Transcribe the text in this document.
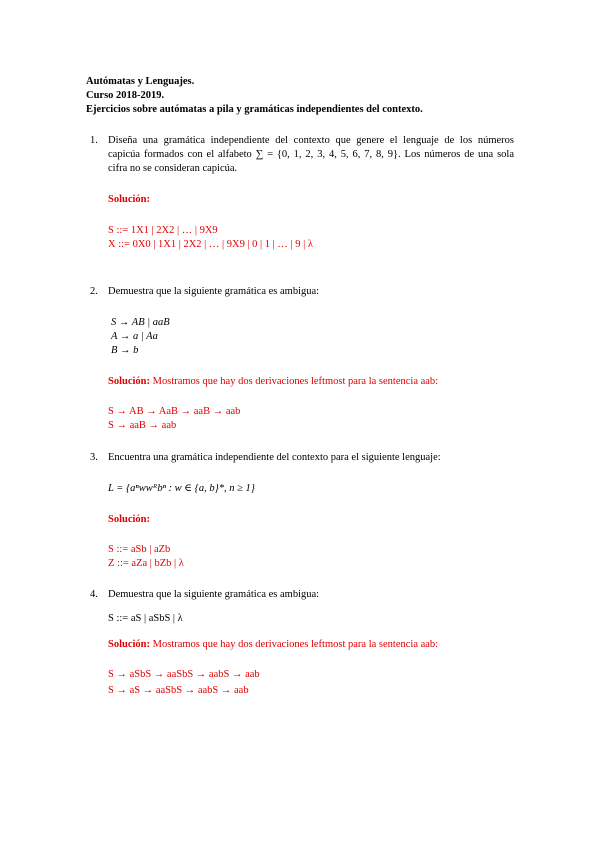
Autómatas y Lenguajes.
Curso 2018-2019.
Ejercicios sobre autómatas a pila y gramáticas independientes del contexto.
1. Diseña una gramática independiente del contexto que genere el lenguaje de los números
capicúa formados con el alfabeto ∑ = {0, 1, 2, 3, 4, 5, 6, 7, 8, 9}. Los números de una sola
cifra no se consideran capicúa.
Solución:
S ::= 1X1 | 2X2 | … | 9X9
X ::= 0X0 | 1X1 | 2X2 | … | 9X9 | 0 | 1 | … | 9 | λ
2. Demuestra que la siguiente gramática es ambigua:
S → AB | aaB
A → a | Aa
B → b
Solución: Mostramos que hay dos derivaciones leftmost para la sentencia aab:
S → AB → AaB → aaB → aab
S → aaB → aab
3. Encuentra una gramática independiente del contexto para el siguiente lenguaje:
L = {aⁿwwᴿbⁿ : w ∈ {a, b}*, n ≥ 1}
Solución:
S ::= aSb | aZb
Z ::= aZa | bZb | λ
4. Demuestra que la siguiente gramática es ambigua:
S ::= aS | aSbS | λ
Solución: Mostramos que hay dos derivaciones leftmost para la sentencia aab:
S → aSbS → aaSbS → aabS → aab
S → aS → aaSbS → aabS → aab
